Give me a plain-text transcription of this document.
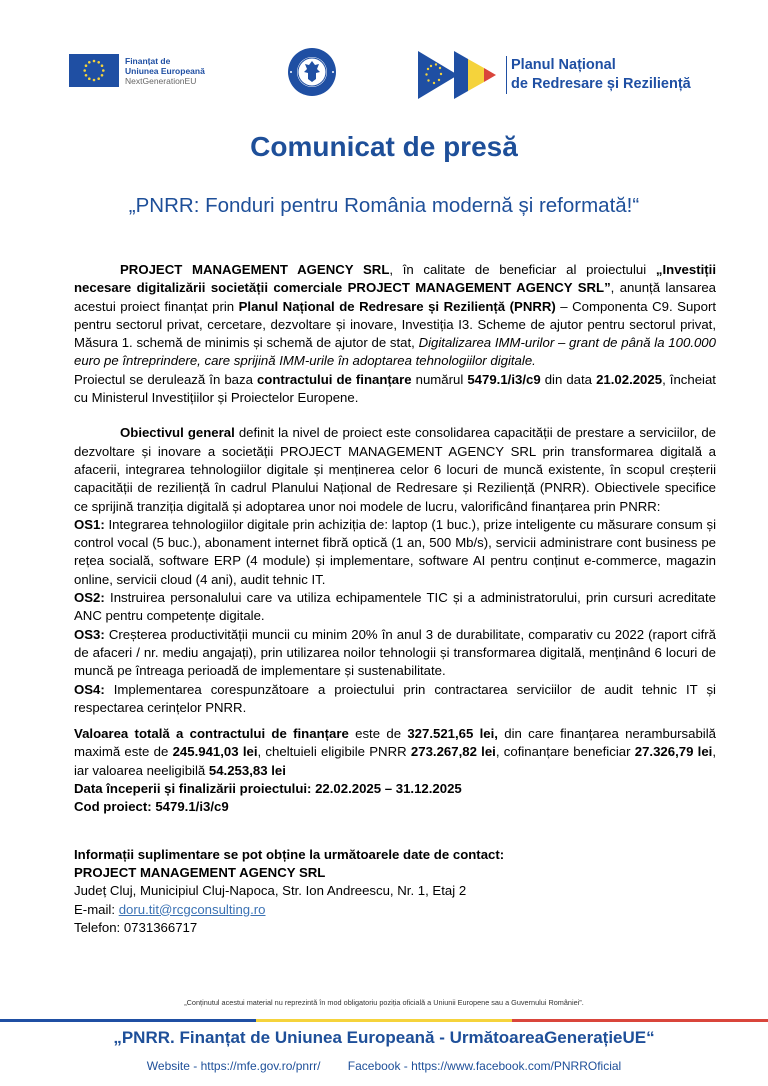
Finanțat de
Uniunea Europeană
NextGenerationEU
Planul Național
de Redresare și Reziliență
Comunicat de presă
„PNRR: Fonduri pentru România modernă și reformată!“

PROJECT MANAGEMENT AGENCY SRL, în calitate de beneficiar al proiectului „Investiții necesare digitalizării societății comerciale PROJECT MANAGEMENT AGENCY SRL”, anunță lansarea acestui proiect finanțat prin Planul Național de Redresare și Reziliență (PNRR) – Componenta C9. Suport pentru sectorul privat, cercetare, dezvoltare și inovare, Investiția I3. Scheme de ajutor pentru sectorul privat, Măsura 1. schemă de minimis și schemă de ajutor de stat, Digitalizarea IMM-urilor – grant de până la 100.000 euro pe întreprindere, care sprijină IMM-urile în adoptarea tehnologiilor digitale.

Proiectul se derulează în baza contractului de finanțare numărul 5479.1/i3/c9 din data 21.02.2025, încheiat cu Ministerul Investițiilor și Proiectelor Europene.

Obiectivul general definit la nivel de proiect este consolidarea capacității de prestare a serviciilor, de dezvoltare și inovare a societății PROJECT MANAGEMENT AGENCY SRL prin transformarea digitală a afacerii, integrarea tehnologiilor digitale și menținerea celor 6 locuri de muncă existente, în scopul creșterii capacității de reziliență în cadrul Planului Național de Redresare și Reziliență (PNRR). Obiectivele specifice ce sprijină tranziția digitală și adoptarea unor noi modele de lucru, valorificând finanțarea prin PNRR:

OS1: Integrarea tehnologiilor digitale prin achiziția de: laptop (1 buc.), prize inteligente cu măsurare consum și control vocal (5 buc.), abonament internet fibră optică (1 an, 500 Mb/s), servicii administrare cont business pe rețea socială, software ERP (4 module) și implementare, software AI pentru conținut e-commerce, magazin online, servicii cloud (4 ani), audit tehnic IT.

OS2: Instruirea personalului care va utiliza echipamentele TIC și a administratorului, prin cursuri acreditate ANC pentru competențe digitale.

OS3: Creșterea productivității muncii cu minim 20% în anul 3 de durabilitate, comparativ cu 2022 (raport cifră de afaceri / nr. mediu angajați), prin utilizarea noilor tehnologii și transformarea digitală, menținând 6 locuri de muncă pe întreaga perioadă de implementare și sustenabilitate.

OS4: Implementarea corespunzătoare a proiectului prin contractarea serviciilor de audit tehnic IT și respectarea cerințelor PNRR.

Valoarea totală a contractului de finanțare este de 327.521,65 lei, din care finanțarea nerambursabilă maximă este de 245.941,03 lei, cheltuieli eligibile PNRR 273.267,82 lei, cofinanțare beneficiar 27.326,79 lei, iar valoarea neeligibilă 54.253,83 lei

Data începerii și finalizării proiectului: 22.02.2025 – 31.12.2025

Cod proiect: 5479.1/i3/c9

Informații suplimentare se pot obține la următoarele date de contact:

PROJECT MANAGEMENT AGENCY SRL

Județ Cluj, Municipiul Cluj-Napoca, Str. Ion Andreescu, Nr. 1, Etaj 2

E-mail: doru.tit@rcgconsulting.ro

Telefon: 0731366717

„Conținutul acestui material nu reprezintă în mod obligatoriu poziția oficială a Uniunii Europene sau a Guvernului României”.
„PNRR. Finanțat de Uniunea Europeană - UrmătoareaGenerațieUE“
Website - https://mfe.gov.ro/pnrr/ Facebook - https://www.facebook.com/PNRROficial
